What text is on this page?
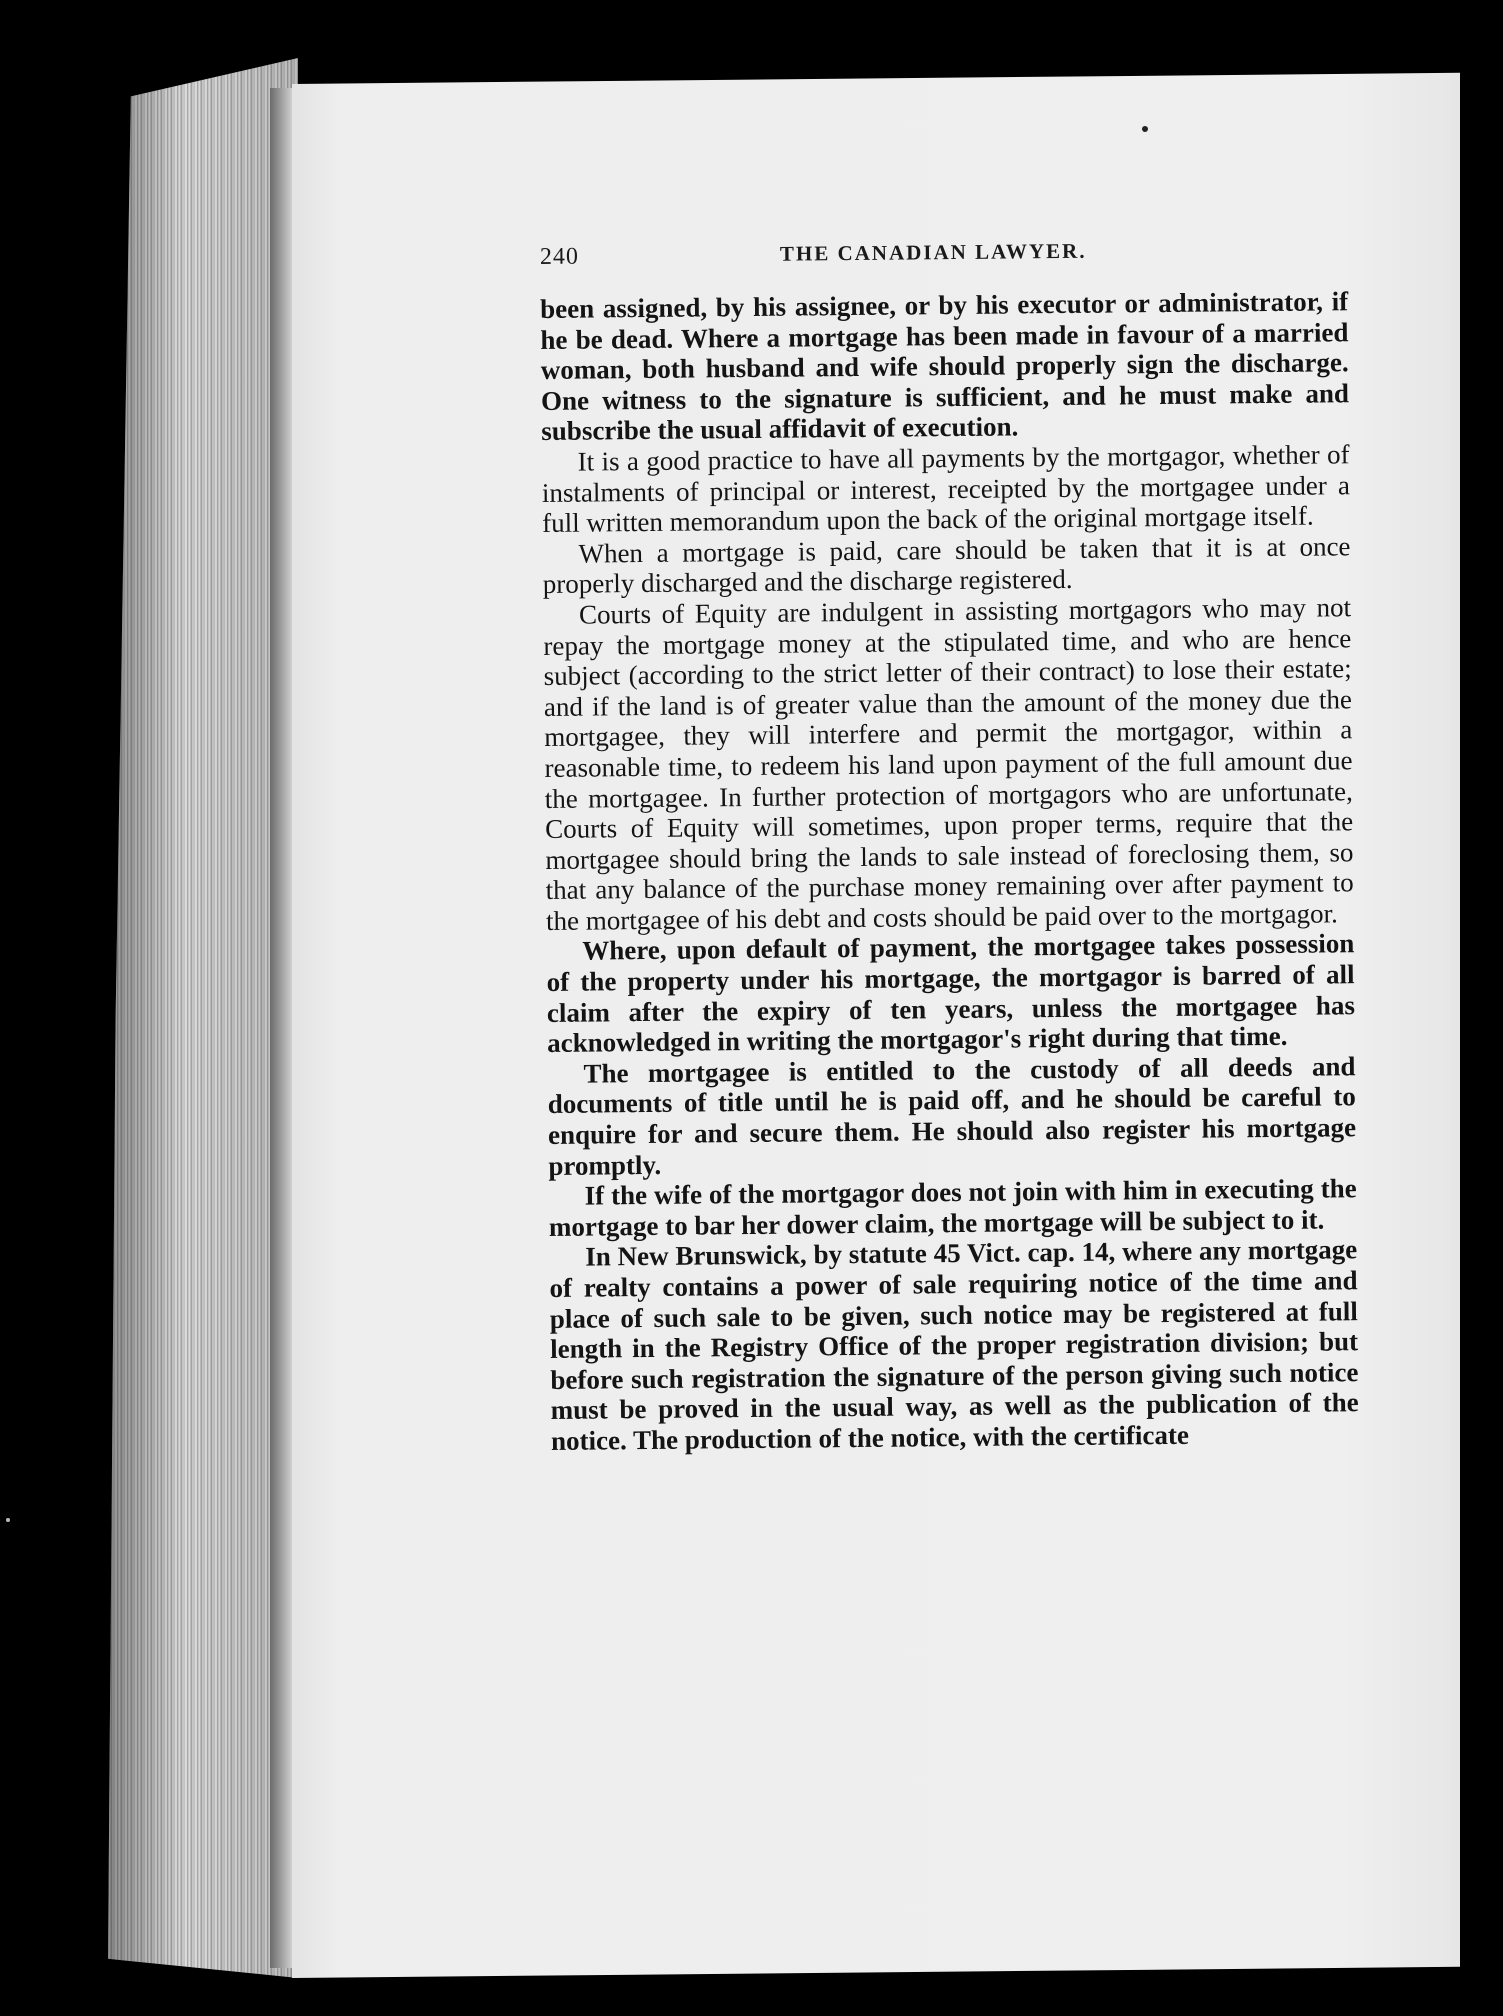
240	THE CANADIAN LAWYER.

been assigned, by his assignee, or by his executor or administrator, if he be dead. Where a mortgage has been made in favour of a married woman, both husband and wife should properly sign the discharge. One witness to the signature is sufficient, and he must make and subscribe the usual affidavit of execution.

It is a good practice to have all payments by the mortgagor, whether of instalments of principal or interest, receipted by the mortgagee under a full written memorandum upon the back of the original mortgage itself.

When a mortgage is paid, care should be taken that it is at once properly discharged and the discharge registered.

Courts of Equity are indulgent in assisting mortgagors who may not repay the mortgage money at the stipulated time, and who are hence subject (according to the strict letter of their contract) to lose their estate; and if the land is of greater value than the amount of the money due the mortgagee, they will interfere and permit the mortgagor, within a reasonable time, to redeem his land upon payment of the full amount due the mortgagee. In further protection of mortgagors who are unfortunate, Courts of Equity will sometimes, upon proper terms, require that the mortgagee should bring the lands to sale instead of foreclosing them, so that any balance of the purchase money remaining over after payment to the mortgagee of his debt and costs should be paid over to the mortgagor.

Where, upon default of payment, the mortgagee takes possession of the property under his mortgage, the mortgagor is barred of all claim after the expiry of ten years, unless the mortgagee has acknowledged in writing the mortgagor's right during that time.

The mortgagee is entitled to the custody of all deeds and documents of title until he is paid off, and he should be careful to enquire for and secure them. He should also register his mortgage promptly.

If the wife of the mortgagor does not join with him in executing the mortgage to bar her dower claim, the mortgage will be subject to it.

In New Brunswick, by statute 45 Vict. cap. 14, where any mortgage of realty contains a power of sale requiring notice of the time and place of such sale to be given, such notice may be registered at full length in the Registry Office of the proper registration division; but before such registration the signature of the person giving such notice must be proved in the usual way, as well as the publication of the notice. The production of the notice, with the certificate
